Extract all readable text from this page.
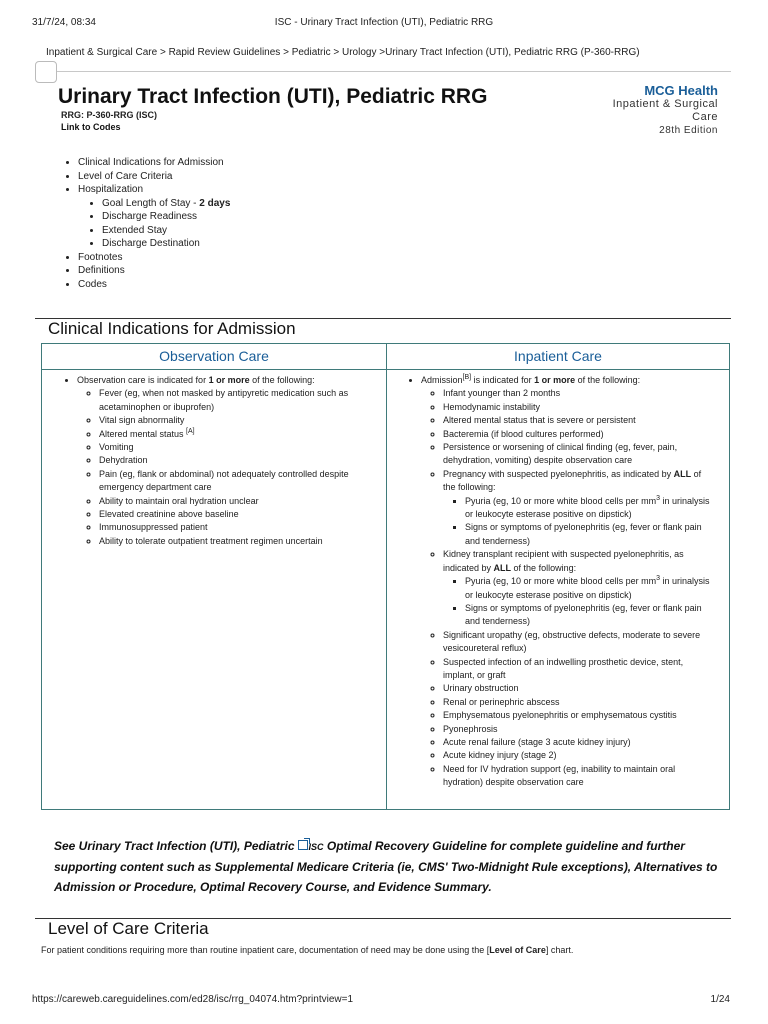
31/7/24, 08:34	ISC - Urinary Tract Infection (UTI), Pediatric RRG
Inpatient & Surgical Care > Rapid Review Guidelines > Pediatric > Urology >Urinary Tract Infection (UTI), Pediatric RRG (P-360-RRG)
Urinary Tract Infection (UTI), Pediatric RRG
RRG: P-360-RRG (ISC)
Link to Codes
MCG Health
Inpatient & Surgical Care
28th Edition
• Clinical Indications for Admission
• Level of Care Criteria
• Hospitalization
• Goal Length of Stay - 2 days
• Discharge Readiness
• Extended Stay
• Discharge Destination
• Footnotes
• Definitions
• Codes
Clinical Indications for Admission
Observation Care
• Observation care is indicated for 1 or more of the following:
◦ Fever (eg, when not masked by antipyretic medication such as acetaminophen or ibuprofen)
◦ Vital sign abnormality
◦ Altered mental status [A]
◦ Vomiting
◦ Dehydration
◦ Pain (eg, flank or abdominal) not adequately controlled despite emergency department care
◦ Ability to maintain oral hydration unclear
◦ Elevated creatinine above baseline
◦ Immunosuppressed patient
◦ Ability to tolerate outpatient treatment regimen uncertain
Inpatient Care
• Admission[B] is indicated for 1 or more of the following:
◦ Infant younger than 2 months
◦ Hemodynamic instability
◦ Altered mental status that is severe or persistent
◦ Bacteremia (if blood cultures performed)
◦ Persistence or worsening of clinical finding (eg, fever, pain, dehydration, vomiting) despite observation care
◦ Pregnancy with suspected pyelonephritis, as indicated by ALL of the following:
▪ Pyuria (eg, 10 or more white blood cells per $mm^3$ in urinalysis or leukocyte esterase positive on dipstick)
▪ Signs or symptoms of pyelonephritis (eg, fever or flank pain and tenderness)
◦ Kidney transplant recipient with suspected pyelonephritis, as indicated by ALL of the following:
▪ Pyuria (eg, 10 or more white blood cells per $mm^3$ in urinalysis or leukocyte esterase positive on dipstick)
▪ Signs or symptoms of pyelonephritis (eg, fever or flank pain and tenderness)
◦ Significant uropathy (eg, obstructive defects, moderate to severe vesicoureteral reflux)
◦ Suspected infection of an indwelling prosthetic device, stent, implant, or graft
◦ Urinary obstruction
◦ Renal or perinephric abscess
◦ Emphysematous pyelonephritis or emphysematous cystitis
◦ Pyonephrosis
◦ Acute renal failure (stage 3 acute kidney injury)
◦ Acute kidney injury (stage 2)
◦ Need for IV hydration support (eg, inability to maintain oral hydration) despite observation care
See Urinary Tract Infection (UTI), Pediatric ISC Optimal Recovery Guideline for complete guideline and further supporting content such as Supplemental Medicare Criteria (ie, CMS' Two-Midnight Rule exceptions), Alternatives to Admission or Procedure, Optimal Recovery Course, and Evidence Summary.
Level of Care Criteria
For patient conditions requiring more than routine inpatient care, documentation of need may be done using the [Level of Care] chart.
https://careweb.careguidelines.com/ed28/isc/rrg_04074.htm?printview=1	1/24
